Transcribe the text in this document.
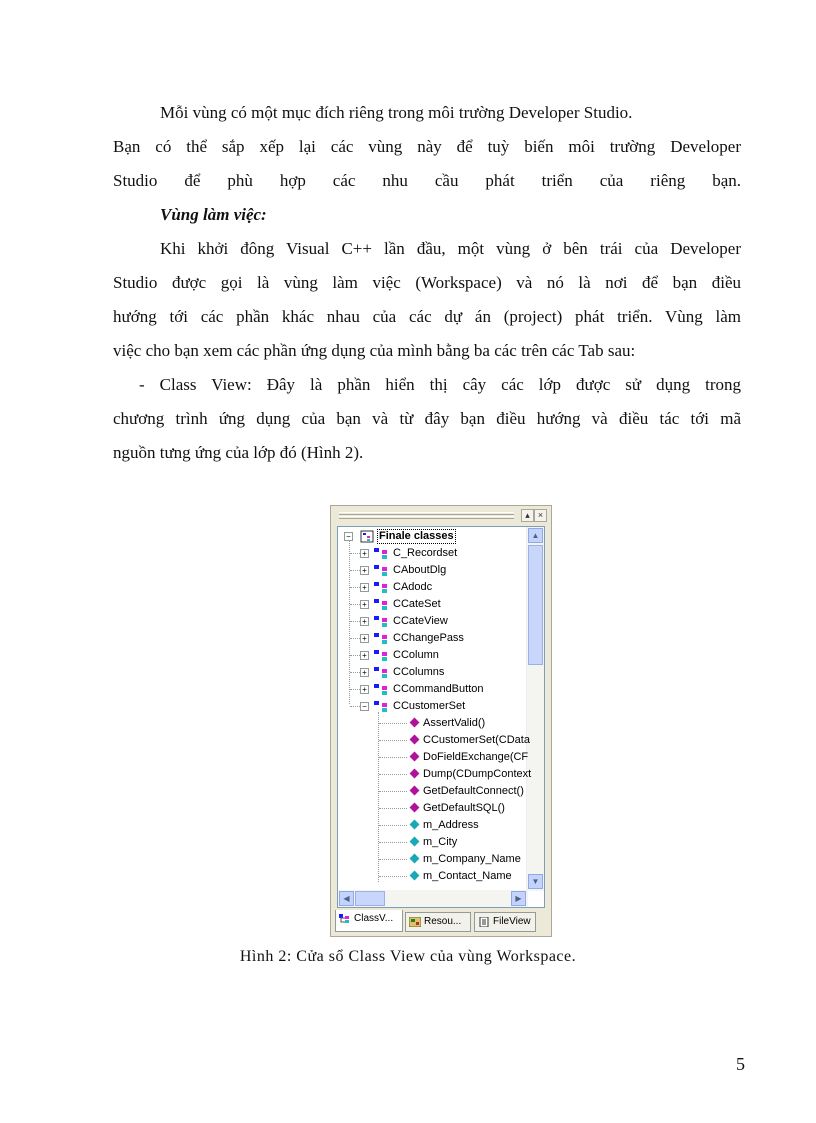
Mỗi vùng có một mục đích riêng trong môi trường Developer Studio.
Bạn có thể sắp xếp lại các vùng này để tuỳ biến môi trường Developer
Studio để phù hợp các nhu cầu phát triển của riêng bạn.
Vùng làm việc:
Khi khởi đông Visual C++ lần đầu, một vùng ở bên trái của Developer
Studio được gọi là vùng làm việc (Workspace) và nó là nơi để bạn điều
hướng tới các phần khác nhau của các dự án (project) phát triển. Vùng làm
việc cho bạn xem các phần ứng dụng của mình bằng ba các trên các Tab sau:
- Class View: Đây là phần hiển thị cây các lớp được sử dụng trong
chương trình ứng dụng của bạn và từ đây bạn điều hướng và điều tác tới mã
nguồn tưng ứng của lớp đó (Hình 2).
▴ ×
▲
▼
◀	▶
−	Finale classes
+ C_Recordset
+ CAboutDlg
+ CAdodc
+ CCateSet
+ CCateView
+ CChangePass
+ CColumn
+ CColumns
+ CCommandButton
− CCustomerSet
AssertValid()
CCustomerSet(CData
DoFieldExchange(CF
Dump(CDumpContext
GetDefaultConnect()
GetDefaultSQL()
m_Address
m_City
m_Company_Name
m_Contact_Name
ClassV...	Resou...	FileView
Hình 2: Cửa sổ Class View của vùng Workspace.
5
